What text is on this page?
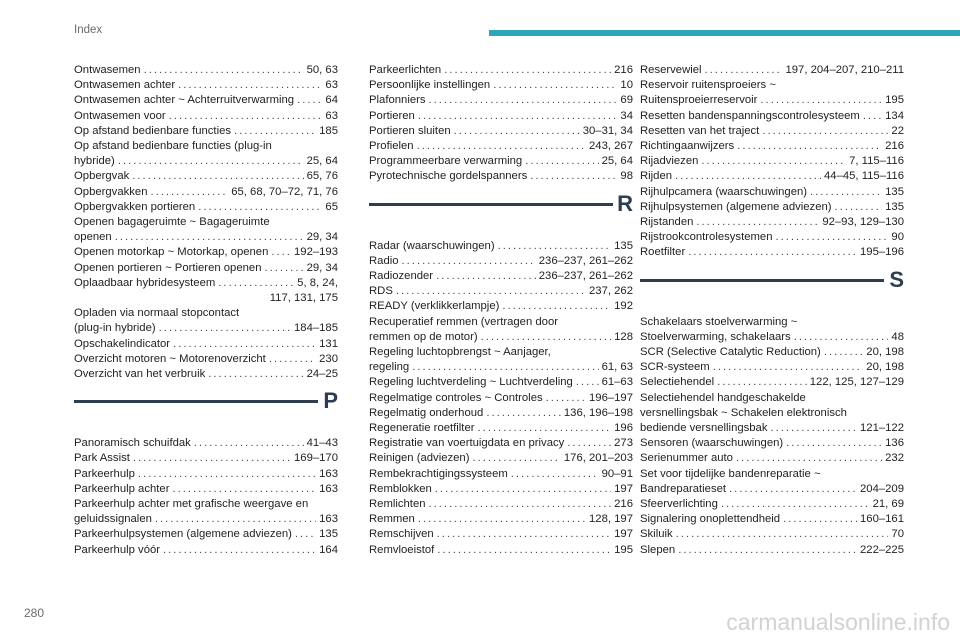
Index
Ontwasemen .....	50, 63
Ontwasemen achter .....	63
Ontwasemen achter ~ Achterruitverwarming .....	64
Ontwasemen voor .....	63
Op afstand bedienbare functies .....	185
Op afstand bedienbare functies (plug-in
hybride) .....	25, 64
Opbergvak .....	65, 76
Opbergvakken .....	65, 68, 70–72, 71, 76
Opbergvakken portieren .....	65
Openen bagageruimte ~ Bagageruimte
openen .....	29, 34
Openen motorkap ~ Motorkap, openen ..... 192–193
Openen portieren ~ Portieren openen .....	29, 34
Oplaadbaar hybridesysteem .....	5, 8, 24,
117, 131, 175
Opladen via normaal stopcontact
(plug-in hybride) .....	184–185
Opschakelindicator .....	131
Overzicht motoren ~ Motorenoverzicht .....	230
Overzicht van het verbruik .....	24–25
P
Panoramisch schuifdak .....	41–43
Park Assist .....	169–170
Parkeerhulp .....	163
Parkeerhulp achter .....	163
Parkeerhulp achter met grafische weergave en
geluidssignalen .....	163
Parkeerhulpsystemen (algemene adviezen) ..... 135
Parkeerhulp vóór .....	164
Parkeerlichten .....	216
Persoonlijke instellingen .....	10
Plafonniers .....	69
Portieren .....	34
Portieren sluiten .....	30–31, 34
Profielen .....	243, 267
Programmeerbare verwarming .....	25, 64
Pyrotechnische gordelspanners .....	98
R
Radar (waarschuwingen) .....	135
Radio .....	236–237, 261–262
Radiozender .....	236–237, 261–262
RDS .....	237, 262
READY (verklikkerlampje) .....	192
Recuperatief remmen (vertragen door
remmen op de motor) .....	128
Regeling luchtopbrengst ~ Aanjager,
regeling .....	61, 63
Regeling luchtverdeling ~ Luchtverdeling .....	61–63
Regelmatige controles ~ Controles .....	196–197
Regelmatig onderhoud .....	136, 196–198
Regeneratie roetfilter .....	196
Registratie van voertuigdata en privacy .....	273
Reinigen (adviezen) .....	176, 201–203
Rembekrachtigingssysteem .....	90–91
Remblokken .....	197
Remlichten .....	216
Remmen .....	128, 197
Remschijven .....	197
Remvloeistof .....	195
Reservewiel .....	197, 204–207, 210–211
Reservoir ruitensproeiers ~
Ruitensproeierreservoir .....	195
Resetten bandenspanningscontrolesysteem ..... 134
Resetten van het traject .....	22
Richtingaanwijzers .....	216
Rijadviezen .....	7, 115–116
Rijden .....	44–45, 115–116
Rijhulpcamera (waarschuwingen) .....	135
Rijhulpsystemen (algemene adviezen) .....	135
Rijstanden .....	92–93, 129–130
Rijstrookcontrolesystemen .....	90
Roetfilter .....	195–196
S
Schakelaars stoelverwarming ~
Stoelverwarming, schakelaars .....	48
SCR (Selective Catalytic Reduction) .....	20, 198
SCR-systeem .....	20, 198
Selectiehendel .....	122, 125, 127–129
Selectiehendel handgeschakelde
versnellingsbak ~ Schakelen elektronisch
bediende versnellingsbak .....	121–122
Sensoren (waarschuwingen) .....	136
Serienummer auto .....	232
Set voor tijdelijke bandenreparatie ~
Bandreparatieset .....	204–209
Sfeerverlichting .....	21, 69
Signalering onoplettendheid .....	160–161
Skiluik .....	70
Slepen .....	222–225
280	carmanualsonline.info
